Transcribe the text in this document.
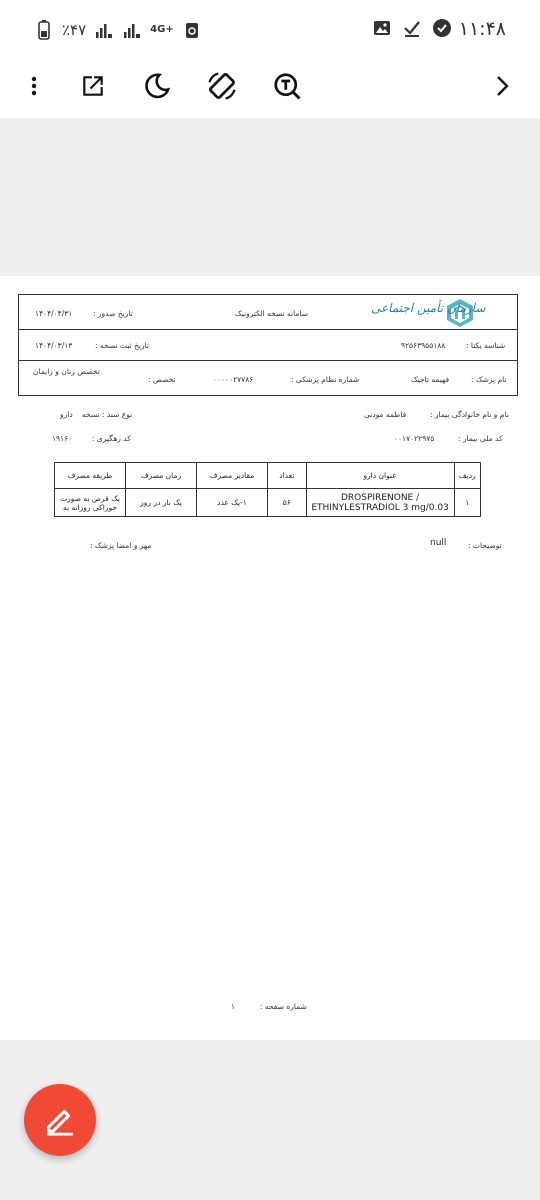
٪۴۷	4G+	۱۱:۴۸
سازمان تأمین اجتماعی
سامانه نسخه الکترونیک
تاریخ صدور :
۱۴۰۴/۰۴/۳۱
شناسه یکتا :
۹۲۵۶۳۹۵۵۱۸۸
تاریخ ثبت نسخه :
۱۴۰۴/۰۳/۱۳
نام پزشک :
فهیمه تاجیک
شماره نظام پزشکی :
۰۰۰۰۰۲۷۷۸۶
تخصص :
تخصص زنان و زایمان
نام و نام خانوادگی بیمار :
فاطمه مودنی
نوع سند : نسخه
دارو
کد ملی بیمار :
۰۰۱۷۰۲۲۹۷۵
کد رهگیری :
۱۹۱۶۰
طریقه مصرف	زمان مصرف	مقادیر مصرف	تعداد	عنوان دارو	ردیف
یک قرص به صورت خوراکی روزانه به	یک بار در روز	۱-یک عدد	۵۶	DROSPIRENONE / ETHINYLESTRADIOL 3 mg/0.03	۱
توضیحات :
null
مهر و امضا پزشک :
شماره صفحه :
۱
